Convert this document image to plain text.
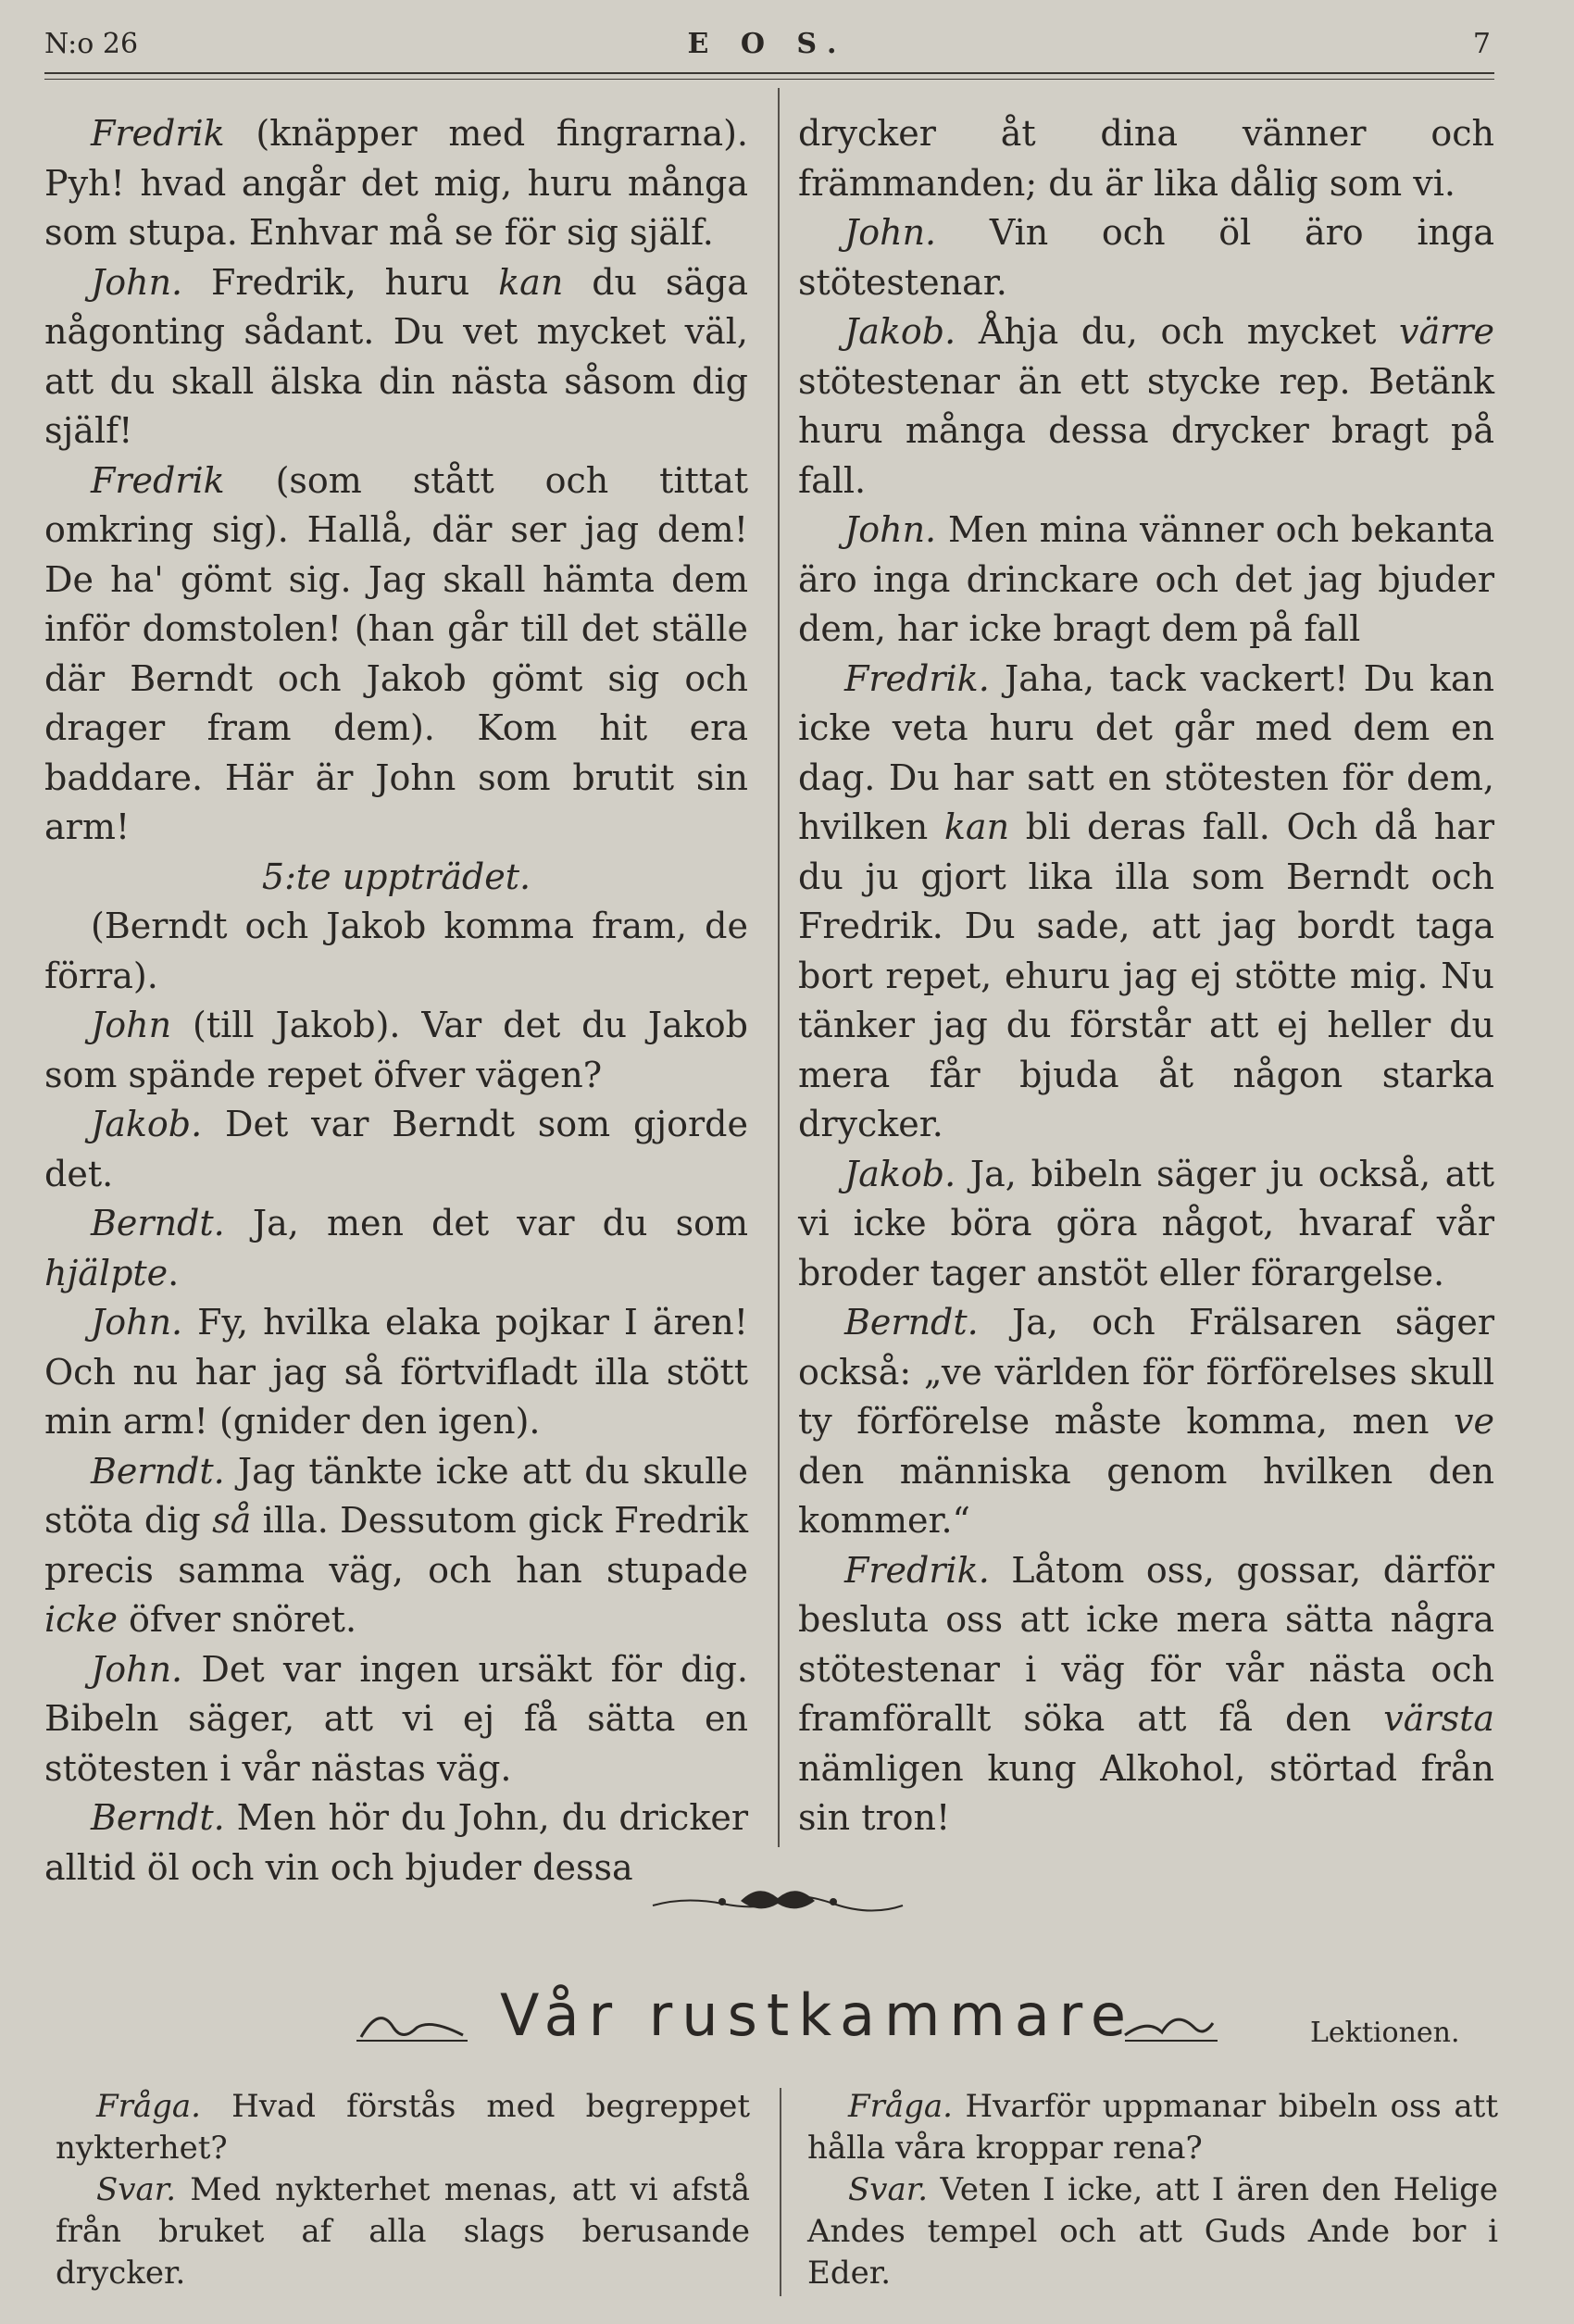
N:o 26	E O S.	7

Fredrik (knäpper med fingrarna). Pyh! hvad angår det mig, huru många som stupa. Enhvar må se för sig själf.

John. Fredrik, huru kan du säga någonting sådant. Du vet mycket väl, att du skall älska din nästa såsom dig själf!

Fredrik (som stått och tittat omkring sig). Hallå, där ser jag dem! De ha' gömt sig. Jag skall hämta dem inför domstolen! (han går till det ställe där Berndt och Jakob gömt sig och drager fram dem). Kom hit era baddare. Här är John som brutit sin arm!

5:te uppträdet.

(Berndt och Jakob komma fram, de förra).

John (till Jakob). Var det du Jakob som spände repet öfver vägen?

Jakob. Det var Berndt som gjorde det.

Berndt. Ja, men det var du som hjälpte.

John. Fy, hvilka elaka pojkar I ären! Och nu har jag så förtvifladt illa stött min arm! (gnider den igen).

Berndt. Jag tänkte icke att du skulle stöta dig så illa. Dessutom gick Fredrik precis samma väg, och han stupade icke öfver snöret.

John. Det var ingen ursäkt för dig. Bibeln säger, att vi ej få sätta en stötesten i vår nästas väg.

Berndt. Men hör du John, du dricker alltid öl och vin och bjuder dessa

drycker åt dina vänner och främmanden; du är lika dålig som vi.

John. Vin och öl äro inga stötestenar.

Jakob. Åhja du, och mycket värre stötestenar än ett stycke rep. Betänk huru många dessa drycker bragt på fall.

John. Men mina vänner och bekanta äro inga drinckare och det jag bjuder dem, har icke bragt dem på fall

Fredrik. Jaha, tack vackert! Du kan icke veta huru det går med dem en dag. Du har satt en stötesten för dem, hvilken kan bli deras fall. Och då har du ju gjort lika illa som Berndt och Fredrik. Du sade, att jag bordt taga bort repet, ehuru jag ej stötte mig. Nu tänker jag du förstår att ej heller du mera får bjuda åt någon starka drycker.

Jakob. Ja, bibeln säger ju också, att vi icke böra göra något, hvaraf vår broder tager anstöt eller förargelse.

Berndt. Ja, och Frälsaren säger också: „ve världen för förförelses skull ty förförelse måste komma, men ve den människa genom hvilken den kommer.“

Fredrik. Låtom oss, gossar, därför besluta oss att icke mera sätta några stötestenar i väg för vår nästa och framförallt söka att få den värsta nämligen kung Alkohol, störtad från sin tron!

Vår rustkammare	Lektionen.

Fråga. Hvad förstås med begreppet nykterhet?

Svar. Med nykterhet menas, att vi afstå från bruket af alla slags berusande drycker.

Fråga. Hvarför uppmanar bibeln oss att hålla våra kroppar rena?

Svar. Veten I icke, att I ären den Helige Andes tempel och att Guds Ande bor i Eder.
